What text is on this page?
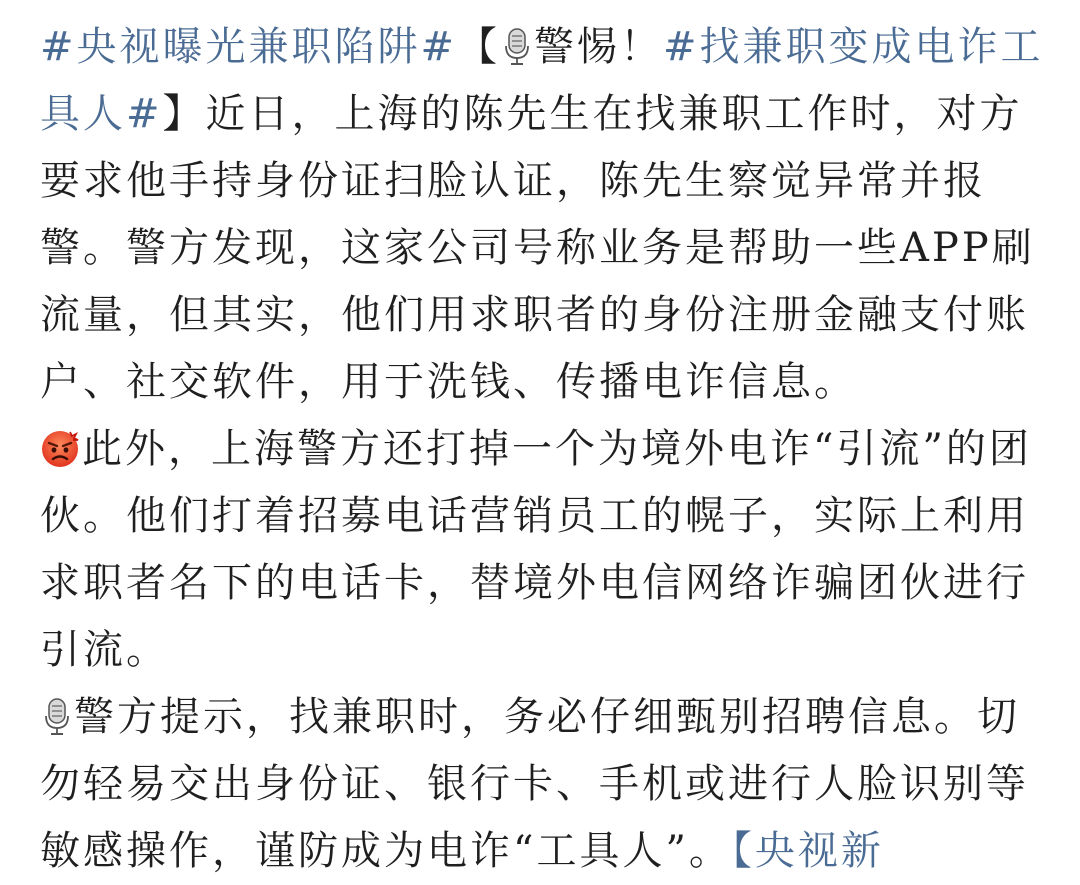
#央视曝光兼职陷阱#【 警惕！#找兼职变成电诈工具人#】近日，上海的陈先生在找兼职工作时，对方要求他手持身份证扫脸认证，陈先生察觉异常并报警。警方发现，这家公司号称业务是帮助一些APP刷流量，但其实，他们用求职者的身份注册金融支付账户、社交软件，用于洗钱、传播电诈信息。

此外，上海警方还打掉一个为境外电诈“引流”的团伙。他们打着招募电话营销员工的幌子，实际上利用求职者名下的电话卡，替境外电信网络诈骗团伙进行引流。

警方提示，找兼职时，务必仔细甄别招聘信息。切勿轻易交出身份证、银行卡、手机或进行人脸识别等敏感操作，谨防成为电诈“工具人”。【央视新
